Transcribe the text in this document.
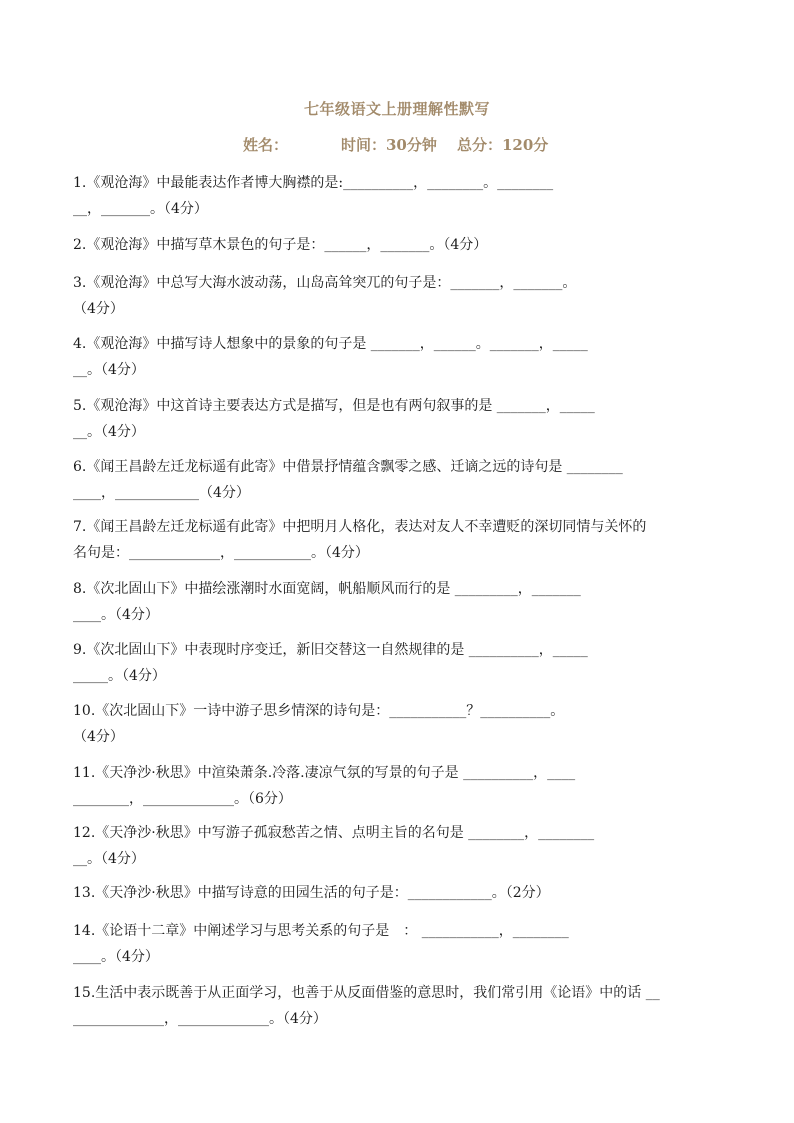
七年级语文上册理解性默写
姓名：	时间：30分钟 总分：120分
1.《观沧海》中最能表达作者博大胸襟的是:__________，________。________
__，_______。（4分）
2.《观沧海》中描写草木景色的句子是：______，_______。（4分）
3.《观沧海》中总写大海水波动荡，山岛高耸突兀的句子是：_______，_______。
（4分）
4.《观沧海》中描写诗人想象中的景象的句子是 _______，______。_______，_____
__。（4分）
5.《观沧海》中这首诗主要表达方式是描写，但是也有两句叙事的是 _______，_____
__。（4分）
6.《闻王昌龄左迁龙标遥有此寄》中借景抒情蕴含飘零之感、迁谪之远的诗句是 ________
____，____________（4分）
7.《闻王昌龄左迁龙标遥有此寄》中把明月人格化，表达对友人不幸遭贬的深切同情与关怀的
名句是：_____________，___________。（4分）
8.《次北固山下》中描绘涨潮时水面宽阔，帆船顺风而行的是 _________，_______
____。（4分）
9.《次北固山下》中表现时序变迁，新旧交替这一自然规律的是 __________，_____
_____。（4分）
10.《次北固山下》一诗中游子思乡情深的诗句是：___________？__________。
（4分）
11.《天净沙·秋思》中渲染萧条.冷落.凄凉气氛的写景的句子是 __________，____
________，_____________。（6分）
12.《天净沙·秋思》中写游子孤寂愁苦之情、点明主旨的名句是 ________，________
__。（4分）
13.《天净沙·秋思》中描写诗意的田园生活的句子是：____________。（2分）
14.《论语十二章》中阐述学习与思考关系的句子是　： ___________，________
____。（4分）
15.生活中表示既善于从正面学习，也善于从反面借鉴的意思时，我们常引用《论语》中的话 __
_____________，_____________。（4分）
